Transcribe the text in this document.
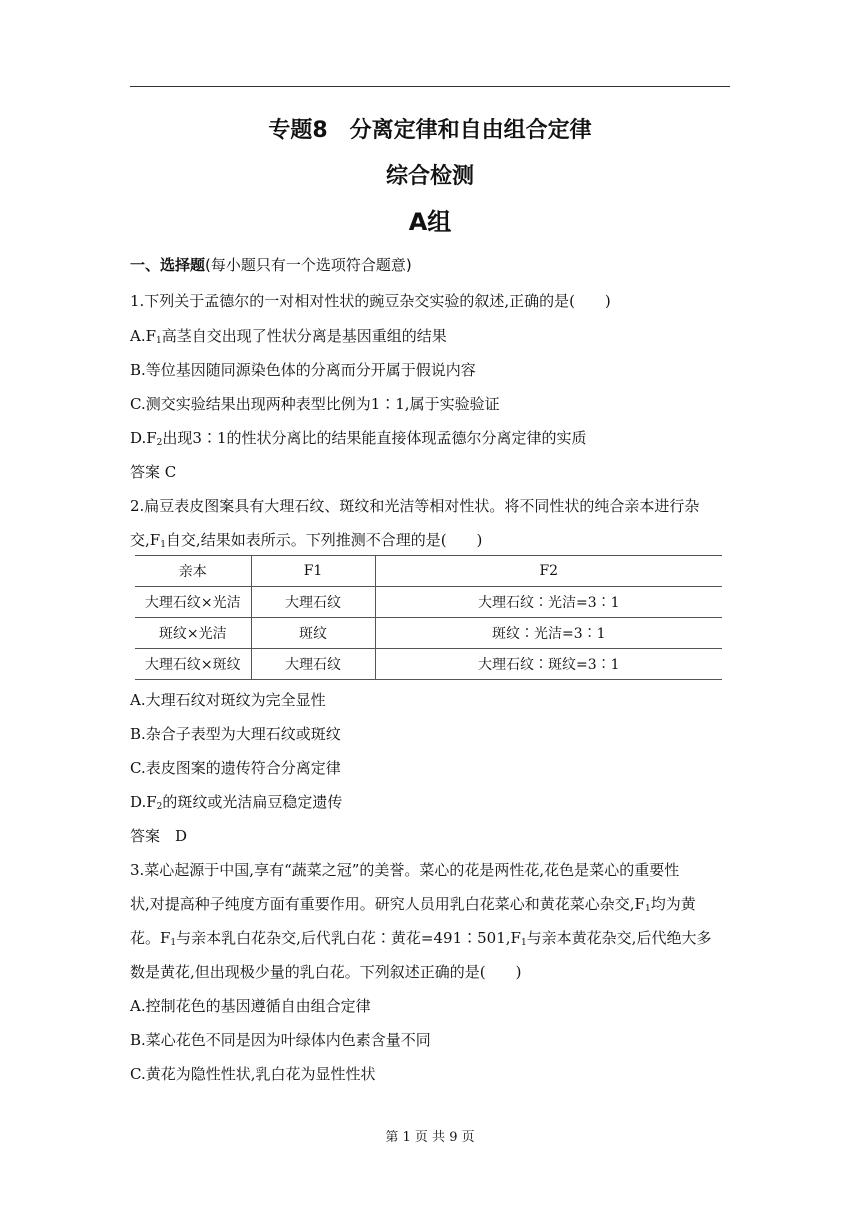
专题8　分离定律和自由组合定律
综合检测
A组
一、选择题(每小题只有一个选项符合题意)
1.下列关于孟德尔的一对相对性状的豌豆杂交实验的叙述,正确的是(　　)
$A.F_1$高茎自交出现了性状分离是基因重组的结果
B.等位基因随同源染色体的分离而分开属于假说内容
C.测交实验结果出现两种表型比例为1∶1,属于实验验证
$D.F_2$出现3∶1的性状分离比的结果能直接体现孟德尔分离定律的实质
答案 C
2.扁豆表皮图案具有大理石纹、斑纹和光洁等相对性状。将不同性状的纯合亲本进行杂
交$,F_1$自交,结果如表所示。下列推测不合理的是(　　)
亲本	F1	F2
大理石纹×光洁	大理石纹	大理石纹∶光洁=3∶1
斑纹×光洁	斑纹	斑纹∶光洁=3∶1
大理石纹×斑纹	大理石纹	大理石纹∶斑纹=3∶1
A.大理石纹对斑纹为完全显性
B.杂合子表型为大理石纹或斑纹
C.表皮图案的遗传符合分离定律
$D.F_2$的斑纹或光洁扁豆稳定遗传
答案　D
3.菜心起源于中国,享有“蔬菜之冠”的美誉。菜心的花是两性花,花色是菜心的重要性
状,对提高种子纯度方面有重要作用。研究人员用乳白花菜心和黄花菜心杂交$,F_1$均为黄
花。$F_1$与亲本乳白花杂交,后代乳白花∶黄花$=491∶501,F_1$与亲本黄花杂交,后代绝大多
数是黄花,但出现极少量的乳白花。下列叙述正确的是(　　)
A.控制花色的基因遵循自由组合定律
B.菜心花色不同是因为叶绿体内色素含量不同
C.黄花为隐性性状,乳白花为显性性状
第 1 页 共 9 页
